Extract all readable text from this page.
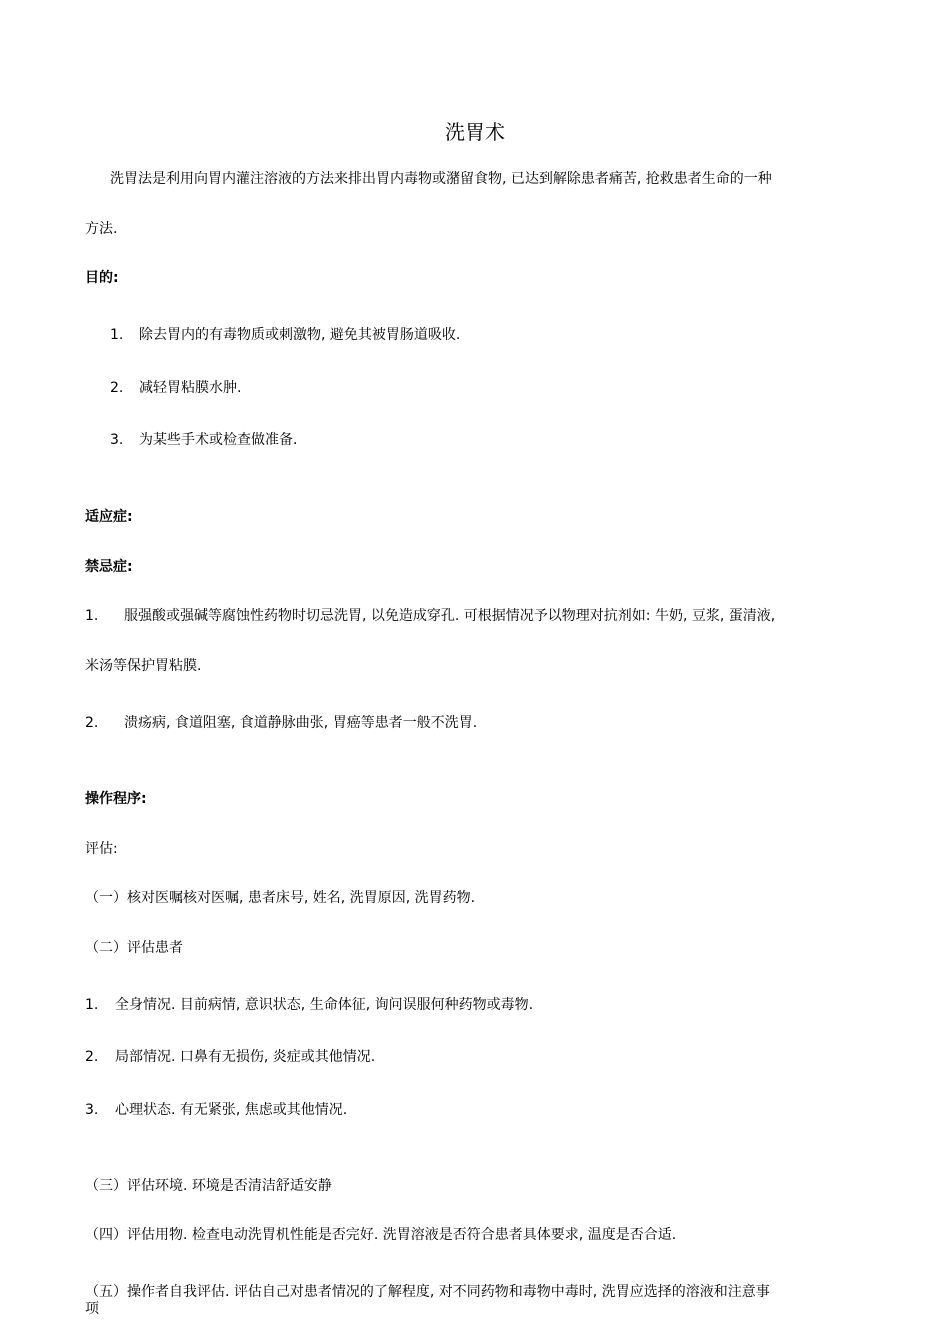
洗胃术
洗胃法是利用向胃内灌注溶液的方法来排出胃内毒物或潴留食物, 已达到解除患者痛苦, 抢救患者生命的一种
方法.
目的:
1. 除去胃内的有毒物质或刺激物, 避免其被胃肠道吸收.
2. 减轻胃粘膜水肿.
3. 为某些手术或检查做准备.
适应症:
禁忌症:
1. 服强酸或强碱等腐蚀性药物时切忌洗胃, 以免造成穿孔. 可根据情况予以物理对抗剂如: 牛奶, 豆浆, 蛋清液,
米汤等保护胃粘膜.
2. 溃疡病, 食道阻塞, 食道静脉曲张, 胃癌等患者一般不洗胃.
操作程序:
评估:
（一）核对医嘱核对医嘱, 患者床号, 姓名, 洗胃原因, 洗胃药物.
（二）评估患者
1. 全身情况. 目前病情, 意识状态, 生命体征, 询问误服何种药物或毒物.
2. 局部情况. 口鼻有无损伤, 炎症或其他情况.
3. 心理状态. 有无紧张, 焦虑或其他情况.
（三）评估环境. 环境是否清洁舒适安静
（四）评估用物. 检查电动洗胃机性能是否完好. 洗胃溶液是否符合患者具体要求, 温度是否合适.
（五）操作者自我评估. 评估自己对患者情况的了解程度, 对不同药物和毒物中毒时, 洗胃应选择的溶液和注意事
项
